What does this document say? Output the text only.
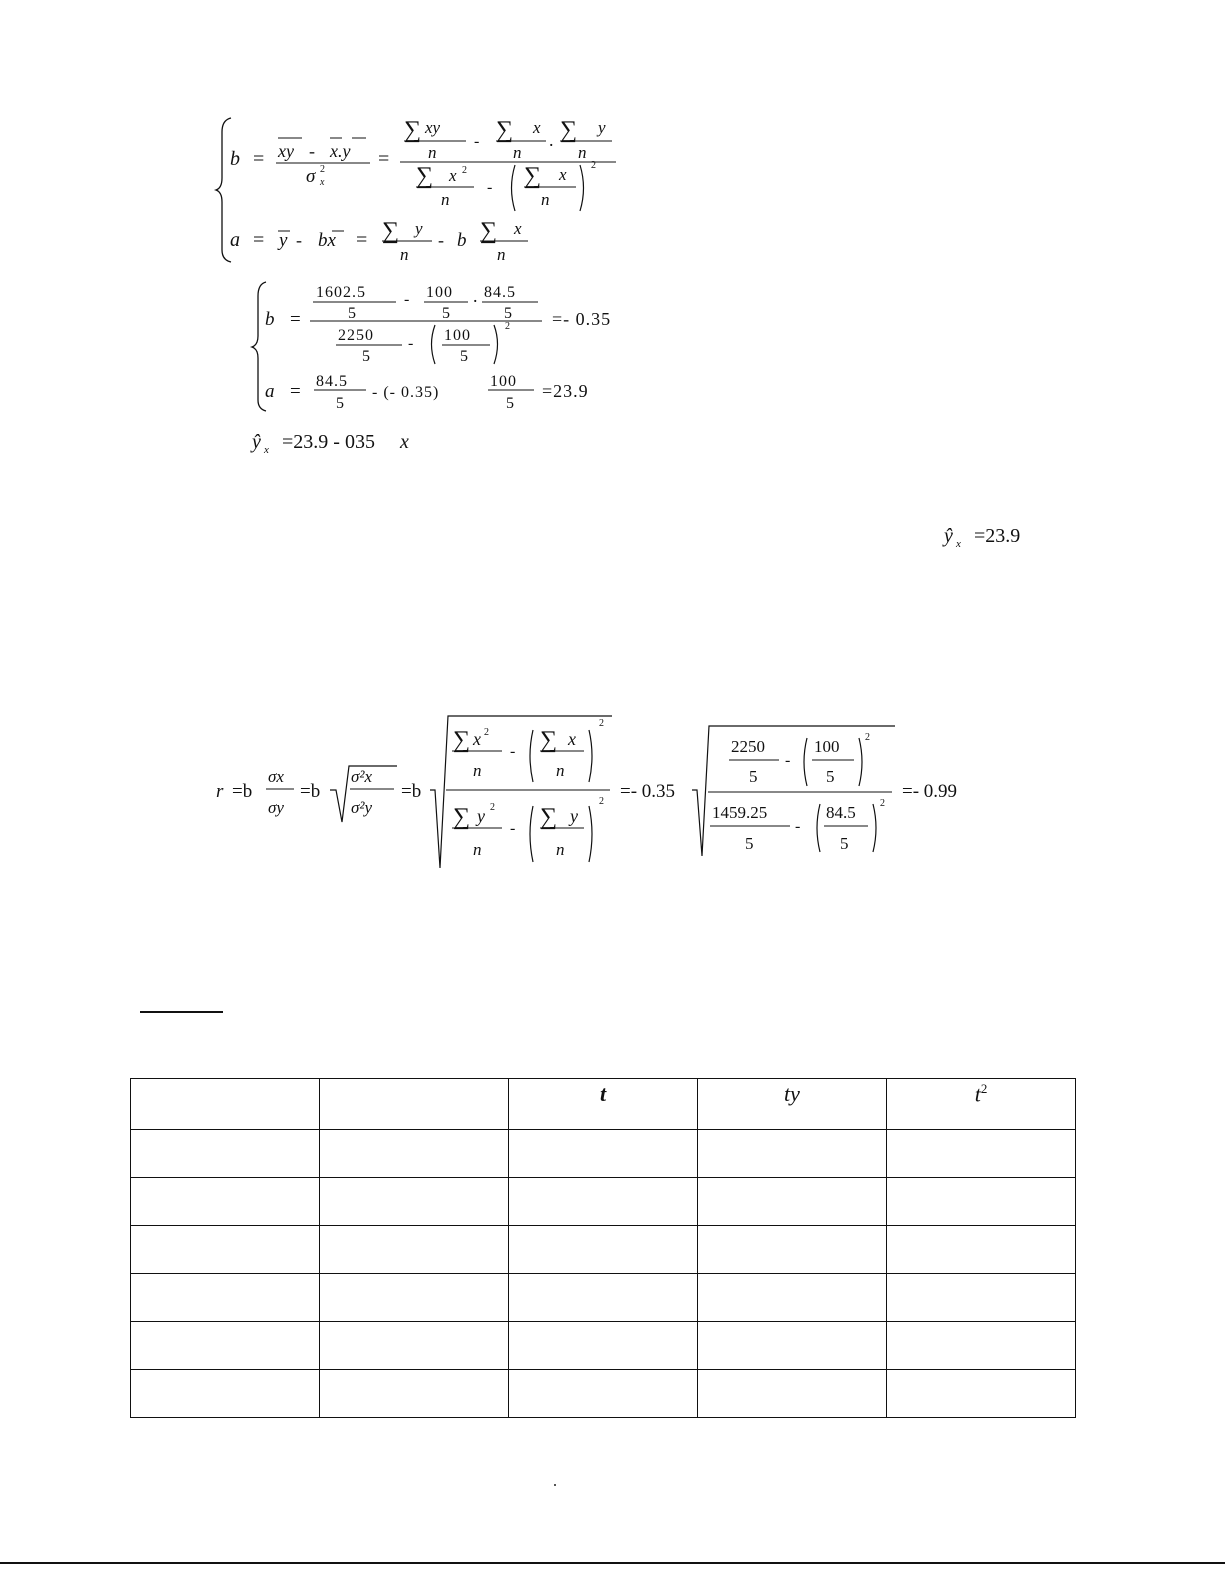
b = xy - x.y
σ 2
x
=
∑ xy
n
- ∑ x
n
. ∑ y
n
∑ x 2
n
- ∑ x
n
2
a = y - bx = ∑ y
n
- b ∑ x
n
b =
1602.5
5
- 100
5
. 84.5
5
2250
5
- 100
5
2 =- 0.35
a = 84.5
5
- (- 0.35)
100
5
=23.9
ŷ x =23.9 - 035 x
ŷ x =23.9
r =b
σx
σy
=b
σ²x
σ²y
=b
∑ x 2
n
- ∑ x
n
2
∑ y 2
n
- ∑ y
n
2 =- 0.35
2250
5
-
100
5
2
1459.25
5
-
84.5
5
2
=- 0.99
		t	ty	$t^2$
